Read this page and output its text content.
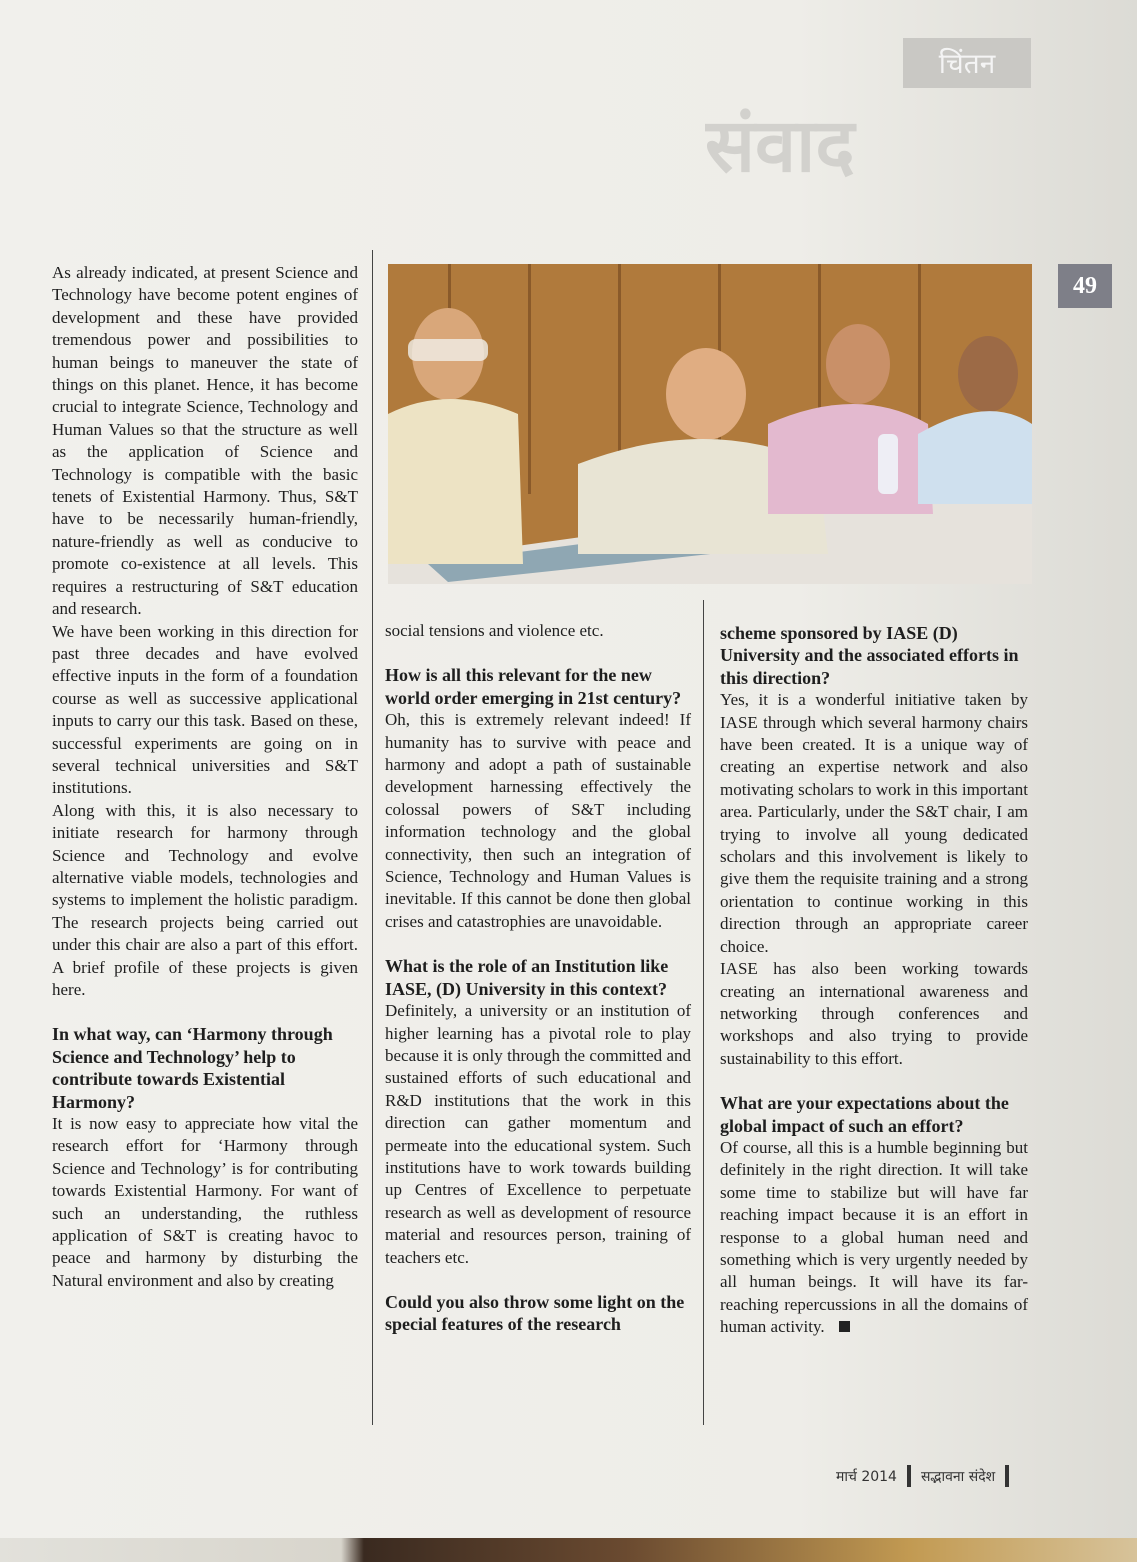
चिंतन
संवाद
49

As already indicated, at present Science and Technology have become potent engines of development and these have provided tremendous power and possibilities to human beings to maneuver the state of things on this planet. Hence, it has become crucial to integrate Science, Technology and Human Values so that the structure as well as the application of Science and Technology is compatible with the basic tenets of Existential Harmony. Thus, S&T have to be necessarily human-friendly, nature-friendly as well as conducive to promote co-existence at all levels. This requires a restructuring of S&T education and research.

We have been working in this direction for past three decades and have evolved effective inputs in the form of a foundation course as well as successive applicational inputs to carry our this task. Based on these, successful experiments are going on in several technical universities and S&T institutions.

Along with this, it is also necessary to initiate research for harmony through Science and Technology and evolve alternative viable models, technologies and systems to implement the holistic paradigm. The research projects being carried out under this chair are also a part of this effort. A brief profile of these projects is given here.

In what way, can ‘Harmony through Science and Technology’ help to contribute towards Existential Harmony?

It is now easy to appreciate how vital the research effort for ‘Harmony through Science and Technology’ is for contributing towards Existential Harmony. For want of such an understanding, the ruthless application of S&T is creating havoc to peace and harmony by disturbing the Natural environment and also by creating

social tensions and violence etc.

How is all this relevant for the new world order emerging in 21st century?

Oh, this is extremely relevant indeed! If humanity has to survive with peace and harmony and adopt a path of sustainable development harnessing effectively the colossal powers of S&T including information technology and the global connectivity, then such an integration of Science, Technology and Human Values is inevitable. If this cannot be done then global crises and catastrophies are unavoidable.

What is the role of an Institution like IASE, (D) University in this context?

Definitely, a university or an institution of higher learning has a pivotal role to play because it is only through the committed and sustained efforts of such educational and R&D institutions that the work in this direction can gather momentum and permeate into the educational system. Such institutions have to work towards building up Centres of Excellence to perpetuate research as well as development of resource material and resources person, training of teachers etc.

Could you also throw some light on the special features of the research
scheme sponsored by IASE (D) University and the associated efforts in this direction?

Yes, it is a wonderful initiative taken by IASE through which several harmony chairs have been created. It is a unique way of creating an expertise network and also motivating scholars to work in this important area. Particularly, under the S&T chair, I am trying to involve all young dedicated scholars and this involvement is likely to give them the requisite training and a strong orientation to continue working in this direction through an appropriate career choice.

IASE has also been working towards creating an international awareness and networking through conferences and workshops and also trying to provide sustainability to this effort.

What are your expectations about the global impact of such an effort?

Of course, all this is a humble beginning but definitely in the right direction. It will take some time to stabilize but will have far reaching impact because it is an effort in response to a global human need and something which is very urgently needed by all human beings. It will have its far-reaching repercussions in all the domains of human activity.

मार्च 2014 सद्भावना संदेश
